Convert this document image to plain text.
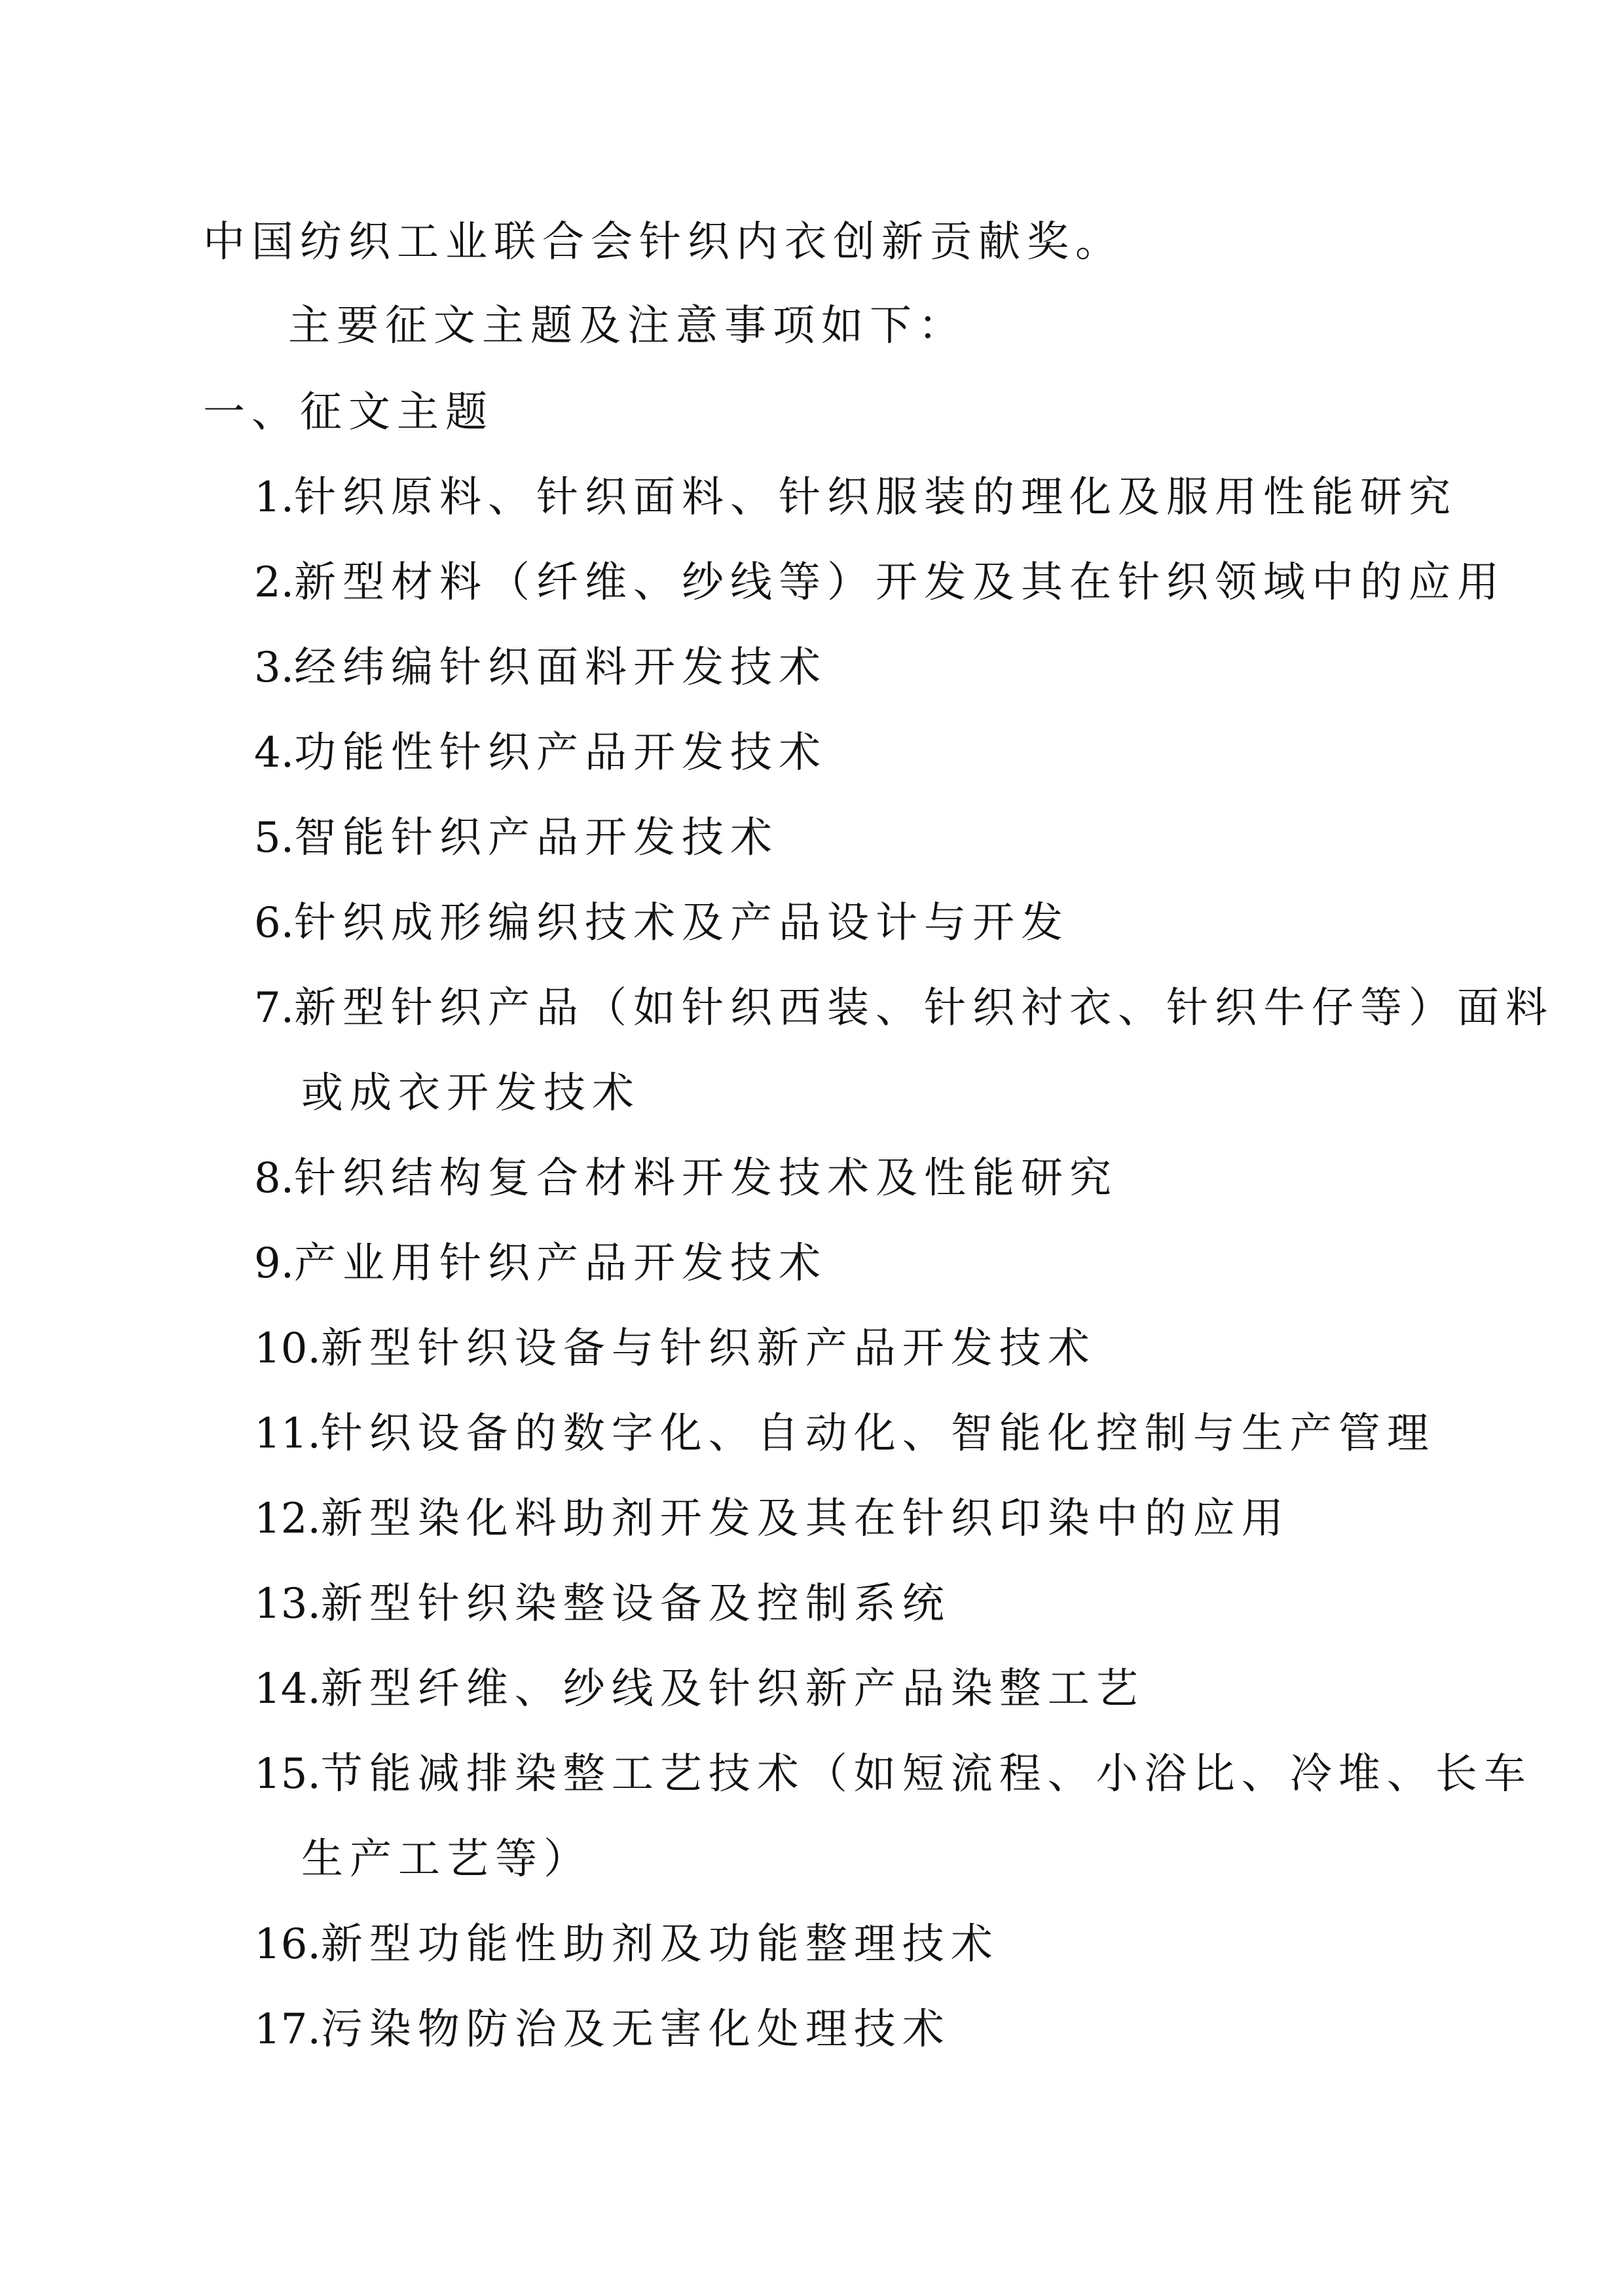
中国纺织工业联合会针织内衣创新贡献奖。
主要征文主题及注意事项如下：
一、征文主题
1.针织原料、针织面料、针织服装的理化及服用性能研究
2.新型材料（纤维、纱线等）开发及其在针织领域中的应用
3.经纬编针织面料开发技术
4.功能性针织产品开发技术
5.智能针织产品开发技术
6.针织成形编织技术及产品设计与开发
7.新型针织产品（如针织西装、针织衬衣、针织牛仔等）面料
或成衣开发技术
8.针织结构复合材料开发技术及性能研究
9.产业用针织产品开发技术
10.新型针织设备与针织新产品开发技术
11.针织设备的数字化、自动化、智能化控制与生产管理
12.新型染化料助剂开发及其在针织印染中的应用
13.新型针织染整设备及控制系统
14.新型纤维、纱线及针织新产品染整工艺
15.节能减排染整工艺技术（如短流程、小浴比、冷堆、长车
生产工艺等）
16.新型功能性助剂及功能整理技术
17.污染物防治及无害化处理技术
